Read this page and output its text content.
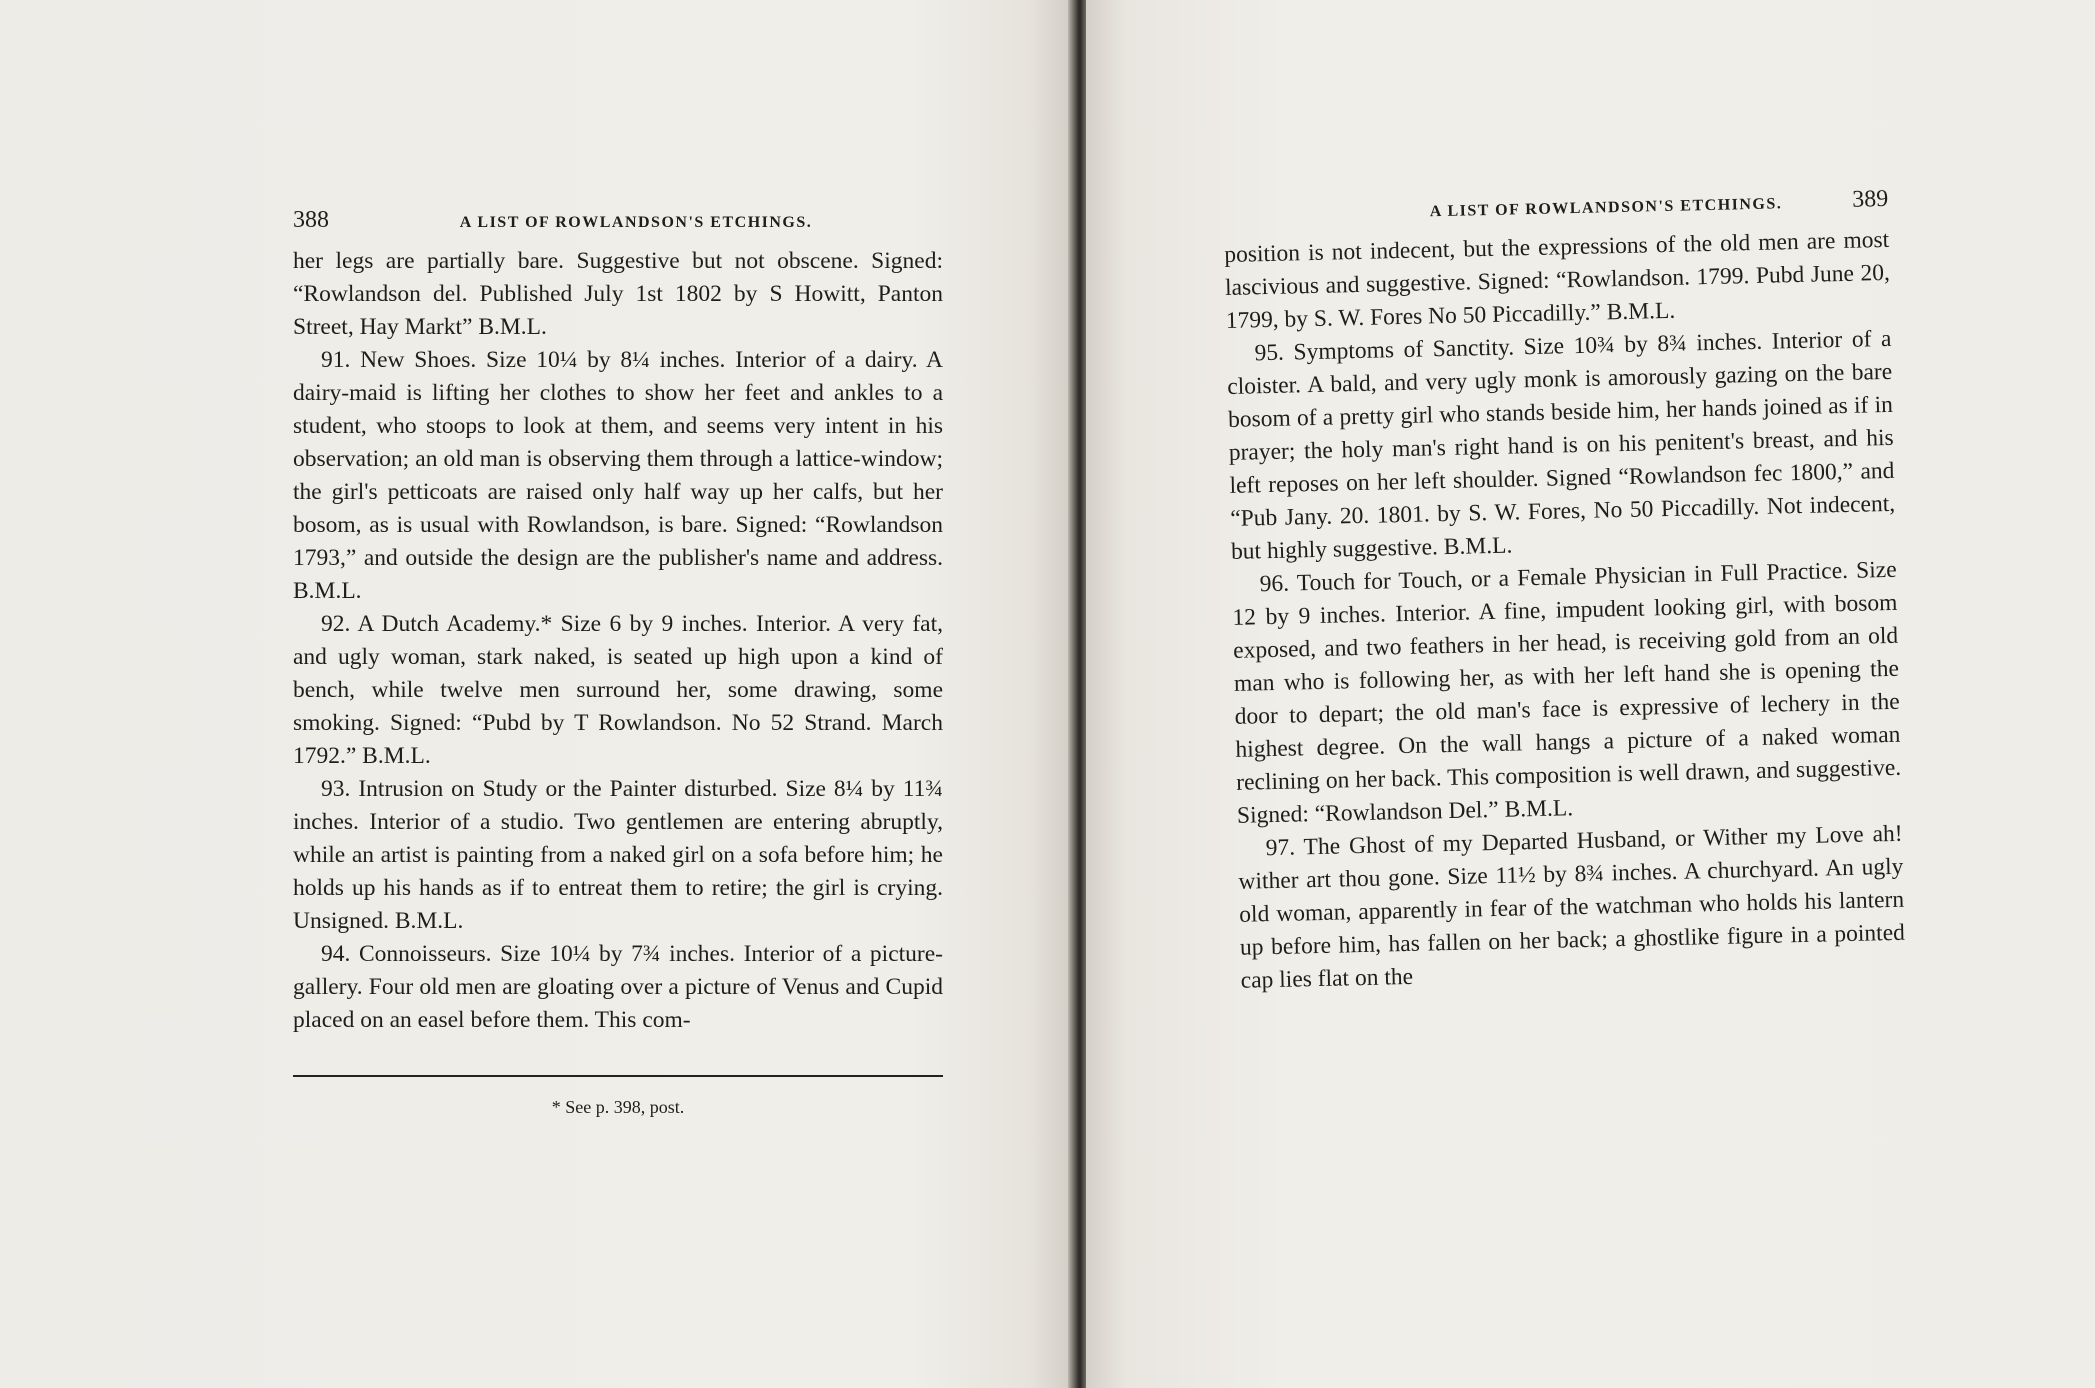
388	A LIST OF ROWLANDSON'S ETCHINGS.

her legs are partially bare. Suggestive but not obscene. Signed: “Rowlandson del. Published July 1st 1802 by S Howitt, Panton Street, Hay Markt” B.M.L.

91. New Shoes. Size 10¼ by 8¼ inches. Interior of a dairy. A dairy-maid is lifting her clothes to show her feet and ankles to a student, who stoops to look at them, and seems very intent in his observation; an old man is observing them through a lattice-window; the girl's petticoats are raised only half way up her calfs, but her bosom, as is usual with Rowlandson, is bare. Signed: “Rowlandson 1793,” and outside the design are the publisher's name and address. B.M.L.

92. A Dutch Academy.* Size 6 by 9 inches. Interior. A very fat, and ugly woman, stark naked, is seated up high upon a kind of bench, while twelve men surround her, some drawing, some smoking. Signed: “Pubd by T Rowlandson. No 52 Strand. March 1792.” B.M.L.

93. Intrusion on Study or the Painter disturbed. Size 8¼ by 11¾ inches. Interior of a studio. Two gentlemen are entering abruptly, while an artist is painting from a naked girl on a sofa before him; he holds up his hands as if to entreat them to retire; the girl is crying. Unsigned. B.M.L.

94. Connoisseurs. Size 10¼ by 7¾ inches. Interior of a picture-gallery. Four old men are gloating over a picture of Venus and Cupid placed on an easel before them. This com-

* See p. 398, post.
A LIST OF ROWLANDSON'S ETCHINGS.	389

position is not indecent, but the expressions of the old men are most lascivious and suggestive. Signed: “Rowlandson. 1799. Pubd June 20, 1799, by S. W. Fores No 50 Piccadilly.” B.M.L.

95. Symptoms of Sanctity. Size 10¾ by 8¾ inches. Interior of a cloister. A bald, and very ugly monk is amorously gazing on the bare bosom of a pretty girl who stands beside him, her hands joined as if in prayer; the holy man's right hand is on his penitent's breast, and his left reposes on her left shoulder. Signed “Rowlandson fec 1800,” and “Pub Jany. 20. 1801. by S. W. Fores, No 50 Piccadilly. Not indecent, but highly suggestive. B.M.L.

96. Touch for Touch, or a Female Physician in Full Practice. Size 12 by 9 inches. Interior. A fine, impudent looking girl, with bosom exposed, and two feathers in her head, is receiving gold from an old man who is following her, as with her left hand she is opening the door to depart; the old man's face is expressive of lechery in the highest degree. On the wall hangs a picture of a naked woman reclining on her back. This composition is well drawn, and suggestive. Signed: “Rowlandson Del.” B.M.L.

97. The Ghost of my Departed Husband, or Wither my Love ah! wither art thou gone. Size 11½ by 8¾ inches. A churchyard. An ugly old woman, apparently in fear of the watchman who holds his lantern up before him, has fallen on her back; a ghostlike figure in a pointed cap lies flat on the
